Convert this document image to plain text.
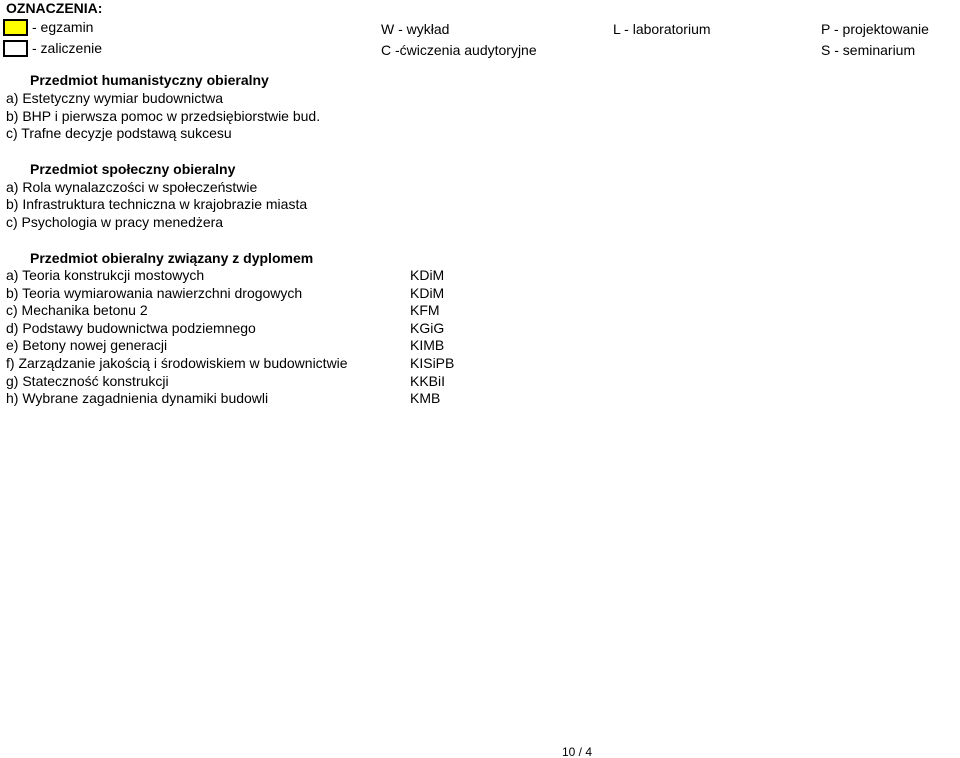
OZNACZENIA:
- egzamin
- zaliczenie
W - wykład
C -ćwiczenia audytoryjne
L - laboratorium	P - projektowanie
S - seminarium
Przedmiot humanistyczny obieralny
a) Estetyczny wymiar budownictwa
b) BHP i pierwsza pomoc w przedsiębiorstwie bud.
c) Trafne decyzje podstawą sukcesu
Przedmiot społeczny obieralny
a) Rola wynalazczości w społeczeństwie
b) Infrastruktura techniczna w krajobrazie miasta
c) Psychologia w pracy menedżera
Przedmiot obieralny związany z dyplomem
a) Teoria konstrukcji mostowych	KDiM
b) Teoria wymiarowania nawierzchni drogowych	KDiM
c) Mechanika betonu 2	KFM
d) Podstawy budownictwa podziemnego	KGiG
e) Betony nowej generacji	KIMB
f) Zarządzanie jakością i środowiskiem w budownictwie	KISiPB
g) Stateczność konstrukcji	KKBiI
h) Wybrane zagadnienia dynamiki budowli	KMB
10 / 4
